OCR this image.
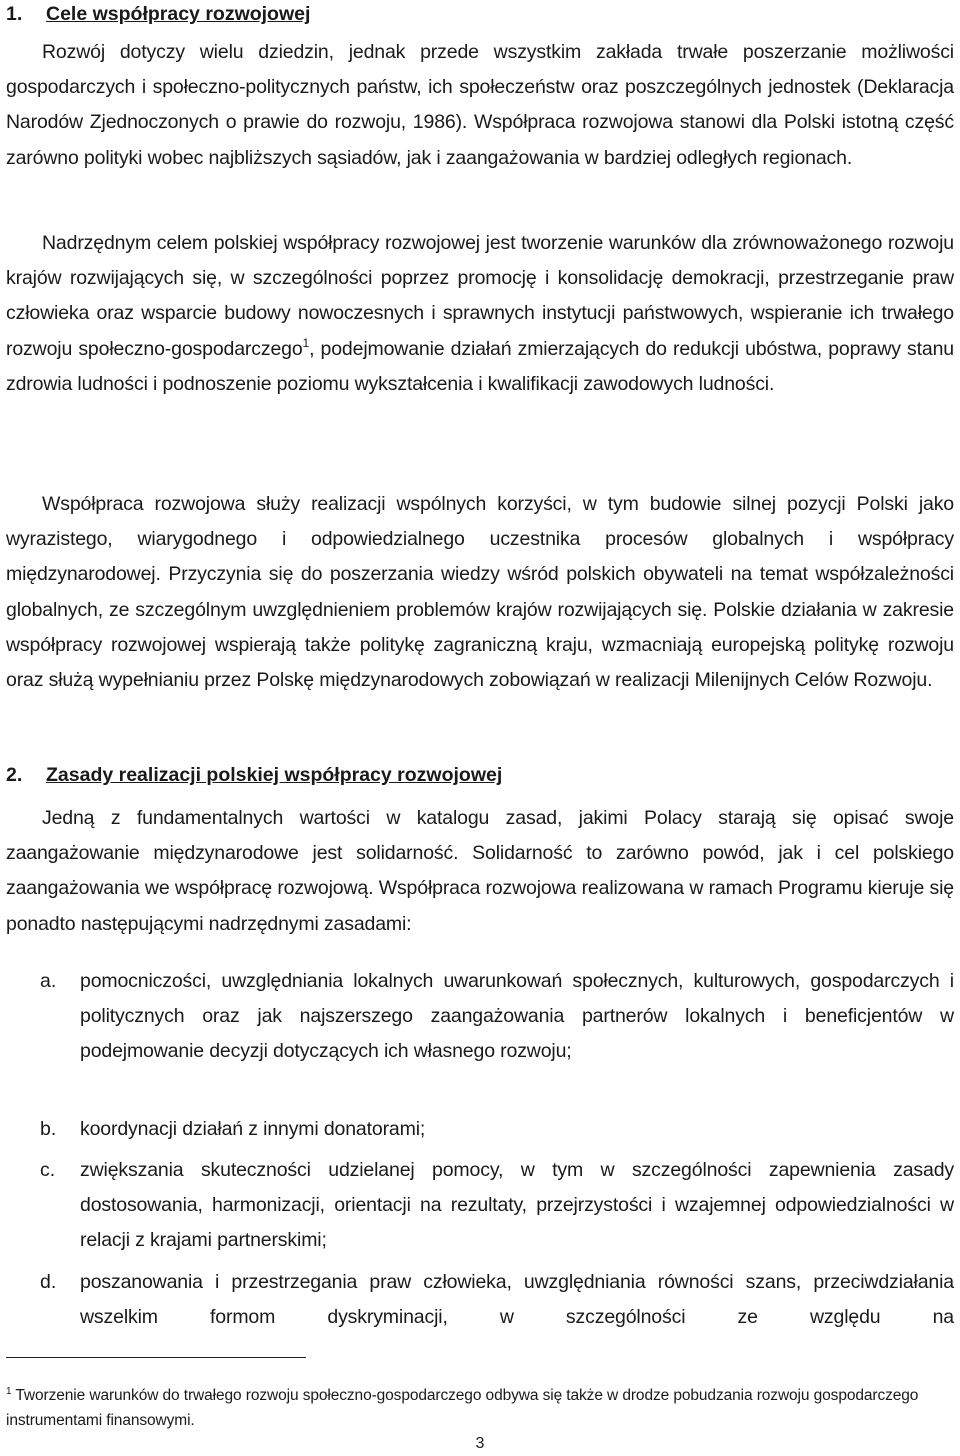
1. Cele współpracy rozwojowej

Rozwój dotyczy wielu dziedzin, jednak przede wszystkim zakłada trwałe poszerzanie możliwości gospodarczych i społeczno-politycznych państw, ich społeczeństw oraz poszczególnych jednostek (Deklaracja Narodów Zjednoczonych o prawie do rozwoju, 1986). Współpraca rozwojowa stanowi dla Polski istotną część zarówno polityki wobec najbliższych sąsiadów, jak i zaangażowania w bardziej odległych regionach.

Nadrzędnym celem polskiej współpracy rozwojowej jest tworzenie warunków dla zrównoważonego rozwoju krajów rozwijających się, w szczególności poprzez promocję i konsolidację demokracji, przestrzeganie praw człowieka oraz wsparcie budowy nowoczesnych i sprawnych instytucji państwowych, wspieranie ich trwałego rozwoju społeczno-gospodarczego$^1$, podejmowanie działań zmierzających do redukcji ubóstwa, poprawy stanu zdrowia ludności i podnoszenie poziomu wykształcenia i kwalifikacji zawodowych ludności.

Współpraca rozwojowa służy realizacji wspólnych korzyści, w tym budowie silnej pozycji Polski jako wyrazistego, wiarygodnego i odpowiedzialnego uczestnika procesów globalnych i współpracy międzynarodowej. Przyczynia się do poszerzania wiedzy wśród polskich obywateli na temat współzależności globalnych, ze szczególnym uwzględnieniem problemów krajów rozwijających się. Polskie działania w zakresie współpracy rozwojowej wspierają także politykę zagraniczną kraju, wzmacniają europejską politykę rozwoju oraz służą wypełnianiu przez Polskę międzynarodowych zobowiązań w realizacji Milenijnych Celów Rozwoju.

2. Zasady realizacji polskiej współpracy rozwojowej

Jedną z fundamentalnych wartości w katalogu zasad, jakimi Polacy starają się opisać swoje zaangażowanie międzynarodowe jest solidarność. Solidarność to zarówno powód, jak i cel polskiego zaangażowania we współpracę rozwojową. Współpraca rozwojowa realizowana w ramach Programu kieruje się ponadto następującymi nadrzędnymi zasadami:

a. pomocniczości, uwzględniania lokalnych uwarunkowań społecznych, kulturowych, gospodarczych i politycznych oraz jak najszerszego zaangażowania partnerów lokalnych i beneficjentów w podejmowanie decyzji dotyczących ich własnego rozwoju;

b. koordynacji działań z innymi donatorami;

c. zwiększania skuteczności udzielanej pomocy, w tym w szczególności zapewnienia zasady dostosowania, harmonizacji, orientacji na rezultaty, przejrzystości i wzajemnej odpowiedzialności w relacji z krajami partnerskimi;

d. poszanowania i przestrzegania praw człowieka, uwzględniania równości szans, przeciwdziałania wszelkim formom dyskryminacji, w szczególności ze względu na

$^1$ Tworzenie warunków do trwałego rozwoju społeczno-gospodarczego odbywa się także w drodze pobudzania rozwoju gospodarczego instrumentami finansowymi.

3
